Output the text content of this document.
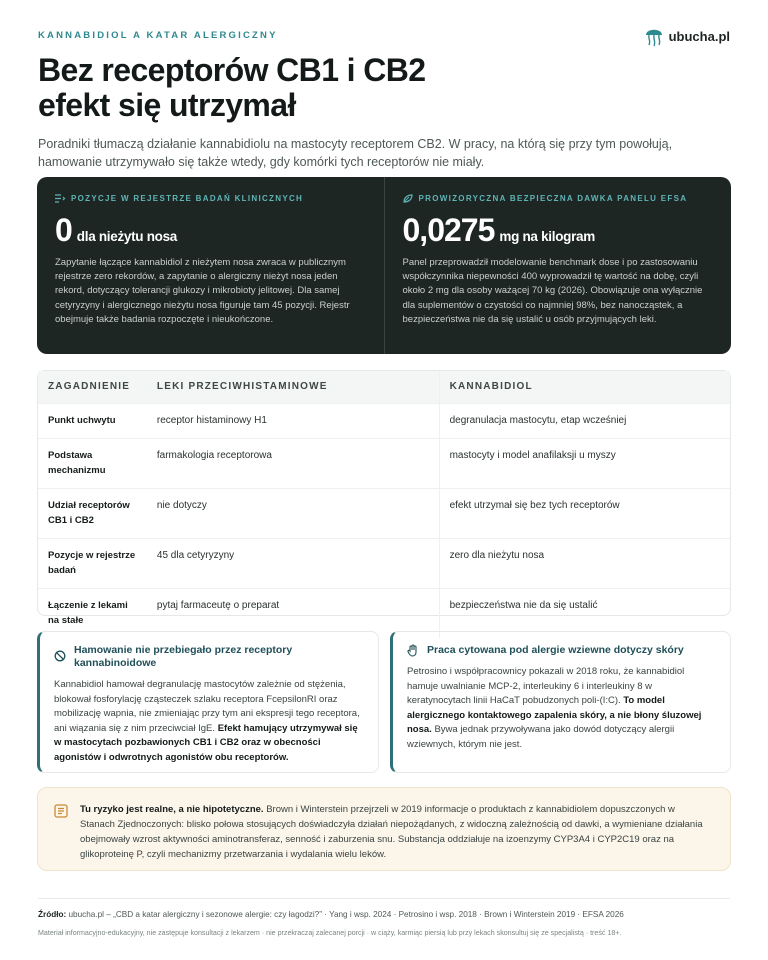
KANNABIDIOL A KATAR ALERGICZNY	ubucha.pl
Bez receptorów CB1 i CB2
efekt się utrzymał

Poradniki tłumaczą działanie kannabidiolu na mastocyty receptorem CB2. W pracy, na którą się przy tym powołują, hamowanie utrzymywało się także wtedy, gdy komórki tych receptorów nie miały.

POZYCJE W REJESTRZE BADAŃ KLINICZNYCH
0 dla nieżytu nosa

Zapytanie łączące kannabidiol z nieżytem nosa zwraca w publicznym rejestrze zero rekordów, a zapytanie o alergiczny nieżyt nosa jeden rekord, dotyczący tolerancji glukozy i mikrobioty jelitowej. Dla samej cetyryzyny i alergicznego nieżytu nosa figuruje tam 45 pozycji. Rejestr obejmuje także badania rozpoczęte i nieukończone.

PROWIZORYCZNA BEZPIECZNA DAWKA PANELU EFSA
0,0275 mg na kilogram

Panel przeprowadził modelowanie benchmark dose i po zastosowaniu współczynnika niepewności 400 wyprowadził tę wartość na dobę, czyli około 2 mg dla osoby ważącej 70 kg (2026). Obowiązuje ona wyłącznie dla suplementów o czystości co najmniej 98%, bez nanocząstek, a bezpieczeństwa nie da się ustalić u osób przyjmujących leki.

ZAGADNIENIE	LEKI PRZECIWHISTAMINOWE	KANNABIDIOL
Punkt uchwytu	receptor histaminowy H1	degranulacja mastocytu, etap wcześniej
Podstawa mechanizmu	farmakologia receptorowa	mastocyty i model anafilaksji u myszy
Udział receptorów CB1 i CB2	nie dotyczy	efekt utrzymał się bez tych receptorów
Pozycje w rejestrze badań	45 dla cetyryzyny	zero dla nieżytu nosa
Łączenie z lekami na stałe	pytaj farmaceutę o preparat	bezpieczeństwa nie da się ustalić
Hamowanie nie przebiegało przez receptory kannabinoidowe

Kannabidiol hamował degranulację mastocytów zależnie od stężenia, blokował fosforylację cząsteczek szlaku receptora FcepsilonRI oraz mobilizację wapnia, nie zmieniając przy tym ani ekspresji tego receptora, ani wiązania się z nim przeciwciał IgE. Efekt hamujący utrzymywał się w mastocytach pozbawionych CB1 i CB2 oraz w obecności agonistów i odwrotnych agonistów obu receptorów.

Praca cytowana pod alergie wziewne dotyczy skóry

Petrosino i współpracownicy pokazali w 2018 roku, że kannabidiol hamuje uwalnianie MCP-2, interleukiny 6 i interleukiny 8 w keratynocytach linii HaCaT pobudzonych poli-(I:C). To model alergicznego kontaktowego zapalenia skóry, a nie błony śluzowej nosa. Bywa jednak przywoływana jako dowód dotyczący alergii wziewnych, którym nie jest.

Tu ryzyko jest realne, a nie hipotetyczne. Brown i Winterstein przejrzeli w 2019 informacje o produktach z kannabidiolem dopuszczonych w Stanach Zjednoczonych: blisko połowa stosujących doświadczyła działań niepożądanych, z widoczną zależnością od dawki, a wymieniane działania obejmowały wzrost aktywności aminotransferaz, senność i zaburzenia snu. Substancja oddziałuje na izoenzymy CYP3A4 i CYP2C19 oraz na glikoproteinę P, czyli mechanizmy przetwarzania i wydalania wielu leków.

Źródło: ubucha.pl – „CBD a katar alergiczny i sezonowe alergie: czy łagodzi?” · Yang i wsp. 2024 · Petrosino i wsp. 2018 · Brown i Winterstein 2019 · EFSA 2026

Materiał informacyjno-edukacyjny, nie zastępuje konsultacji z lekarzem · nie przekraczaj zalecanej porcji · w ciąży, karmiąc piersią lub przy lekach skonsultuj się ze specjalistą · treść 18+.
